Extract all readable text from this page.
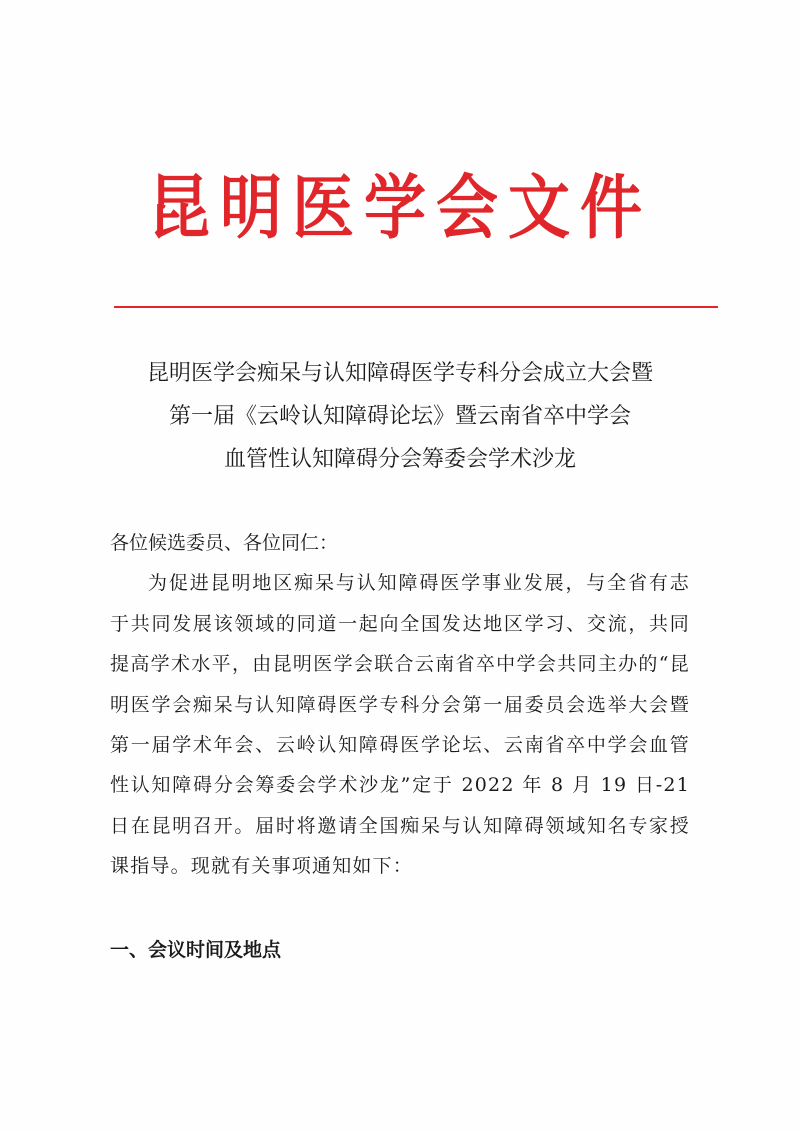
昆明医学会文件
昆明医学会痴呆与认知障碍医学专科分会成立大会暨
第一届《云岭认知障碍论坛》暨云南省卒中学会
血管性认知障碍分会筹委会学术沙龙
各位候选委员、各位同仁：
为促进昆明地区痴呆与认知障碍医学事业发展，与全省有志于共同发展该领域的同道一起向全国发达地区学习、交流，共同提高学术水平，由昆明医学会联合云南省卒中学会共同主办的“昆明医学会痴呆与认知障碍医学专科分会第一届委员会选举大会暨第一届学术年会、云岭认知障碍医学论坛、云南省卒中学会血管性认知障碍分会筹委会学术沙龙”定于 2022 年 8 月 19 日-21 日在昆明召开。届时将邀请全国痴呆与认知障碍领域知名专家授课指导。现就有关事项通知如下：
一、会议时间及地点
